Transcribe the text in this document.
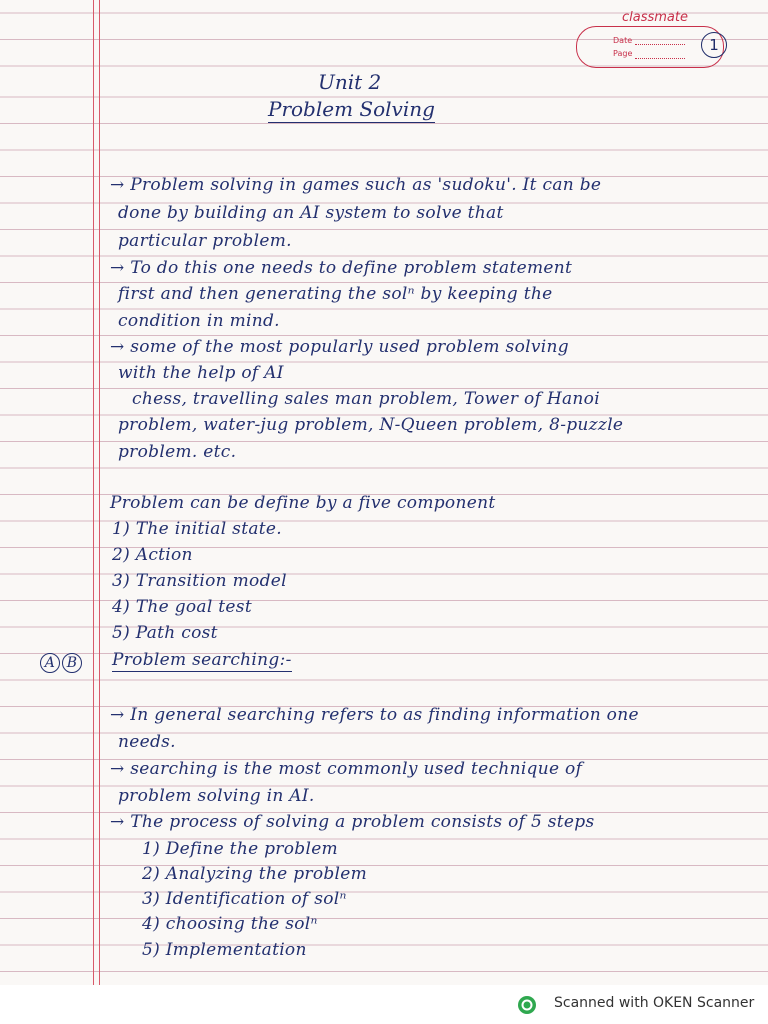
classmate
Date
Page	1
Unit 2
Problem Solving
→ Problem solving in games such as 'sudoku'. It can be
done by building an AI system to solve that
particular problem.
→ To do this one needs to define problem statement
first and then generating the solⁿ by keeping the
condition in mind.
→ some of the most popularly used problem solving
with the help of AI
chess, travelling sales man problem, Tower of Hanoi
problem, water-jug problem, N-Queen problem, 8-puzzle
problem. etc.
Problem can be define by a five component
1) The initial state.
2) Action
3) Transition model
4) The goal test
5) Path cost
A B	Problem searching:-
→ In general searching refers to as finding information one
needs.
→ searching is the most commonly used technique of
problem solving in AI.
→ The process of solving a problem consists of 5 steps
1) Define the problem
2) Analyzing the problem
3) Identification of solⁿ
4) choosing the solⁿ
5) Implementation
Scanned with OKEN Scanner
